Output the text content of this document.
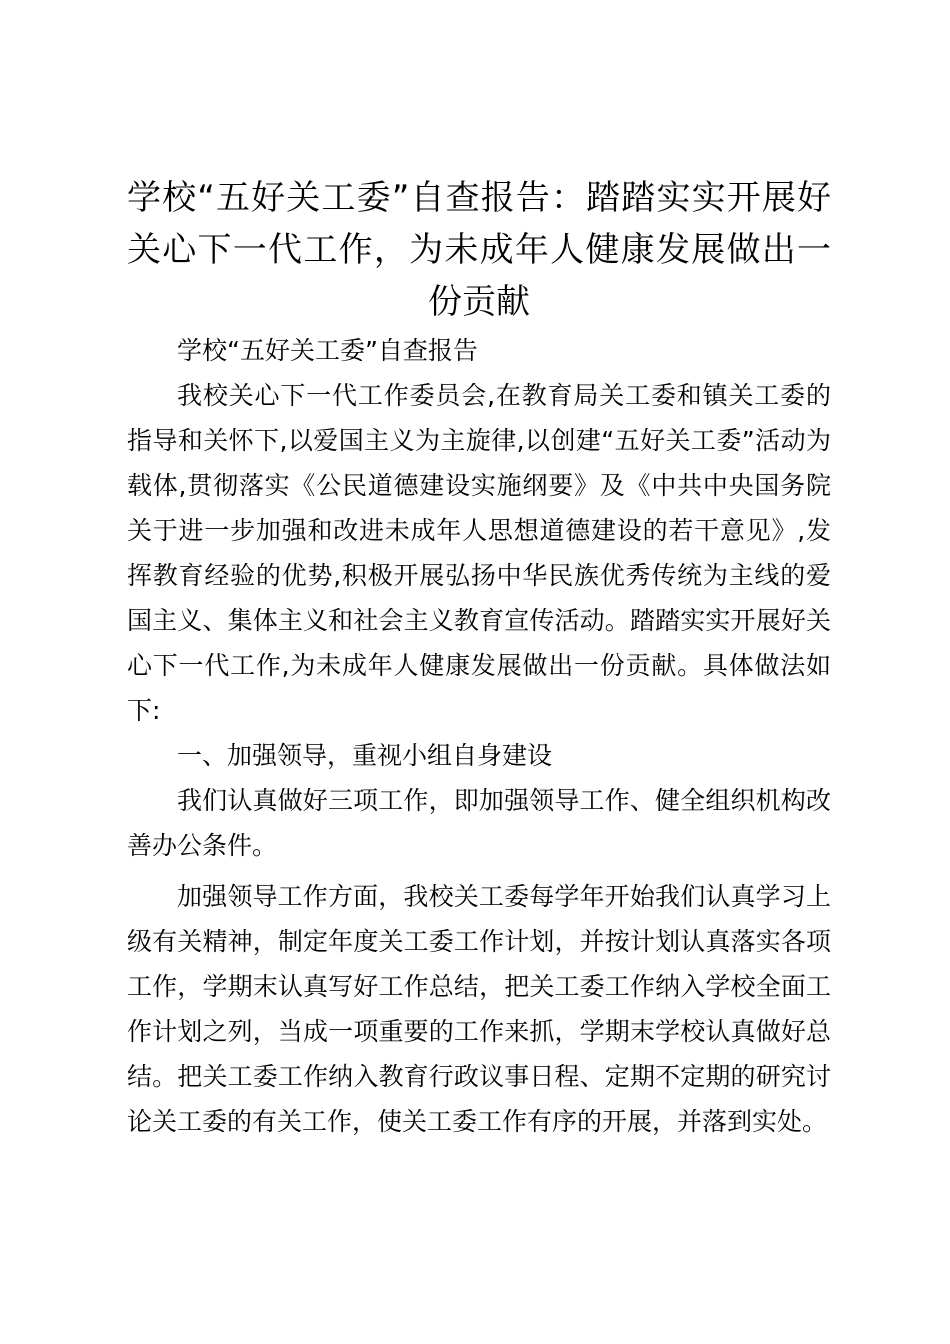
学校“五好关工委”自查报告：踏踏实实开展好关心下一代工作，为未成年人健康发展做出一份贡献

学校“五好关工委”自查报告

我校关心下一代工作委员会,在教育局关工委和镇关工委的指导和关怀下,以爱国主义为主旋律,以创建“五好关工委”活动为载体,贯彻落实《公民道德建设实施纲要》及《中共中央国务院关于进一步加强和改进未成年人思想道德建设的若干意见》,发挥教育经验的优势,积极开展弘扬中华民族优秀传统为主线的爱国主义、集体主义和社会主义教育宣传活动。踏踏实实开展好关心下一代工作,为未成年人健康发展做出一份贡献。具体做法如下:

一、加强领导，重视小组自身建设

我们认真做好三项工作，即加强领导工作、健全组织机构改善办公条件。

加强领导工作方面，我校关工委每学年开始我们认真学习上级有关精神，制定年度关工委工作计划，并按计划认真落实各项工作，学期末认真写好工作总结，把关工委工作纳入学校全面工作计划之列，当成一项重要的工作来抓，学期末学校认真做好总结。把关工委工作纳入教育行政议事日程、定期不定期的研究讨论关工委的有关工作，使关工委工作有序的开展，并落到实处。
